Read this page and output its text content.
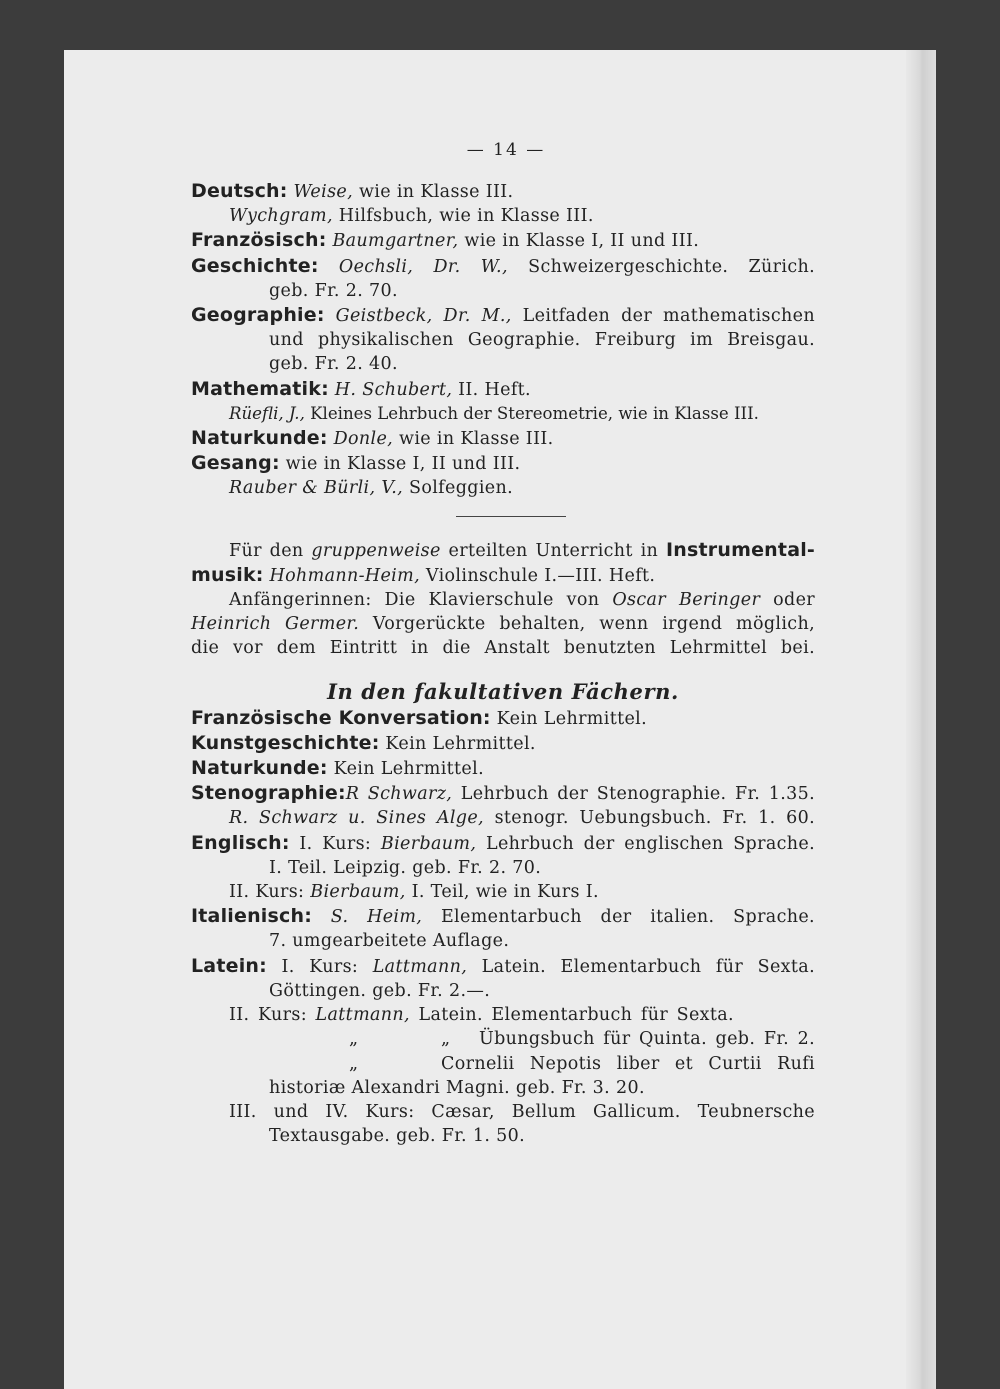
— 14 —
Deutsch: Weise, wie in Klasse III.
Wychgram, Hilfsbuch, wie in Klasse III.
Französisch: Baumgartner, wie in Klasse I, II und III.
Geschichte: Oechsli, Dr. W., Schweizergeschichte. Zürich.
geb. Fr. 2. 70.
Geographie: Geistbeck, Dr. M., Leitfaden der mathematischen
und physikalischen Geographie. Freiburg im Breisgau.
geb. Fr. 2. 40.
Mathematik: H. Schubert, II. Heft.
Rüefli, J., Kleines Lehrbuch der Stereometrie, wie in Klasse III.
Naturkunde: Donle, wie in Klasse III.
Gesang: wie in Klasse I, II und III.
Rauber & Bürli, V., Solfeggien.
Für den gruppenweise erteilten Unterricht in Instrumental-
musik: Hohmann-Heim, Violinschule I.—III. Heft.
Anfängerinnen: Die Klavierschule von Oscar Beringer oder
Heinrich Germer. Vorgerückte behalten, wenn irgend möglich,
die vor dem Eintritt in die Anstalt benutzten Lehrmittel bei.
In den fakultativen Fächern.
Französische Konversation: Kein Lehrmittel.
Kunstgeschichte: Kein Lehrmittel.
Naturkunde: Kein Lehrmittel.
Stenographie:R Schwarz, Lehrbuch der Stenographie. Fr. 1.35.
R. Schwarz u. Sines Alge, stenogr. Uebungsbuch. Fr. 1. 60.
Englisch: I. Kurs: Bierbaum, Lehrbuch der englischen Sprache.
I. Teil. Leipzig. geb. Fr. 2. 70.
II. Kurs: Bierbaum, I. Teil, wie in Kurs I.
Italienisch: S. Heim, Elementarbuch der italien. Sprache.
7. umgearbeitete Auflage.
Latein: I. Kurs: Lattmann, Latein. Elementarbuch für Sexta.
Göttingen. geb. Fr. 2.—.
II. Kurs: Lattmann, Latein. Elementarbuch für Sexta.
„	„	Übungsbuch für Quinta. geb. Fr. 2.
„	Cornelii Nepotis liber et Curtii Rufi
historiæ Alexandri Magni. geb. Fr. 3. 20.
III. und IV. Kurs: Cæsar, Bellum Gallicum. Teubnersche
Textausgabe. geb. Fr. 1. 50.
